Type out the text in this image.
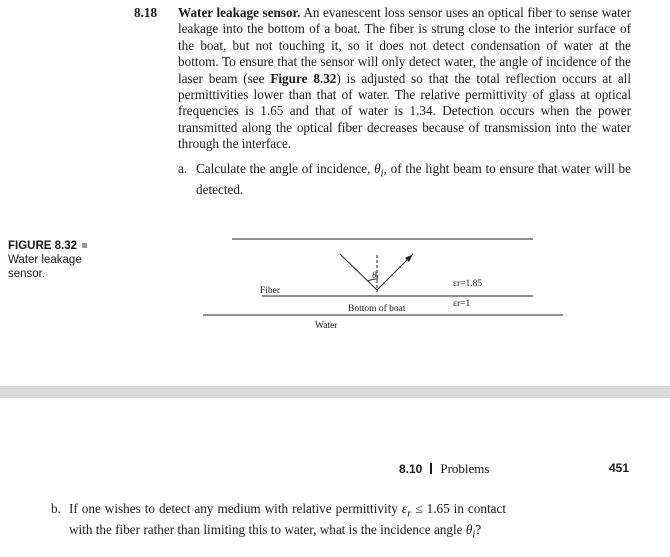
8.18 Water leakage sensor. An evanescent loss sensor uses an optical fiber to sense water leakage into the bottom of a boat. The fiber is strung close to the interior surface of the boat, but not touching it, so it does not detect condensation of water at the bottom. To ensure that the sensor will only detect water, the angle of incidence of the laser beam (see Figure 8.32) is adjusted so that the total reflection occurs at all permittivities lower than that of water. The relative permittivity of glass at optical frequencies is 1.65 and that of water is 1.34. Detection occurs when the power transmitted along the optical fiber decreases because of transmission into the water through the interface.
a. Calculate the angle of incidence, $\theta_i$, of the light beam to ensure that water will be detected.
FIGURE 8.32
Water leakage sensor.	$\theta_i$
Fiber
Bottom of boat
Water
εr=1.85
εr=1
8.10 Problems	451
b. If one wishes to detect any medium with relative permittivity $\varepsilon_r \le 1.65$ in contact with the fiber rather than limiting this to water, what is the incidence angle $\theta_i$?
